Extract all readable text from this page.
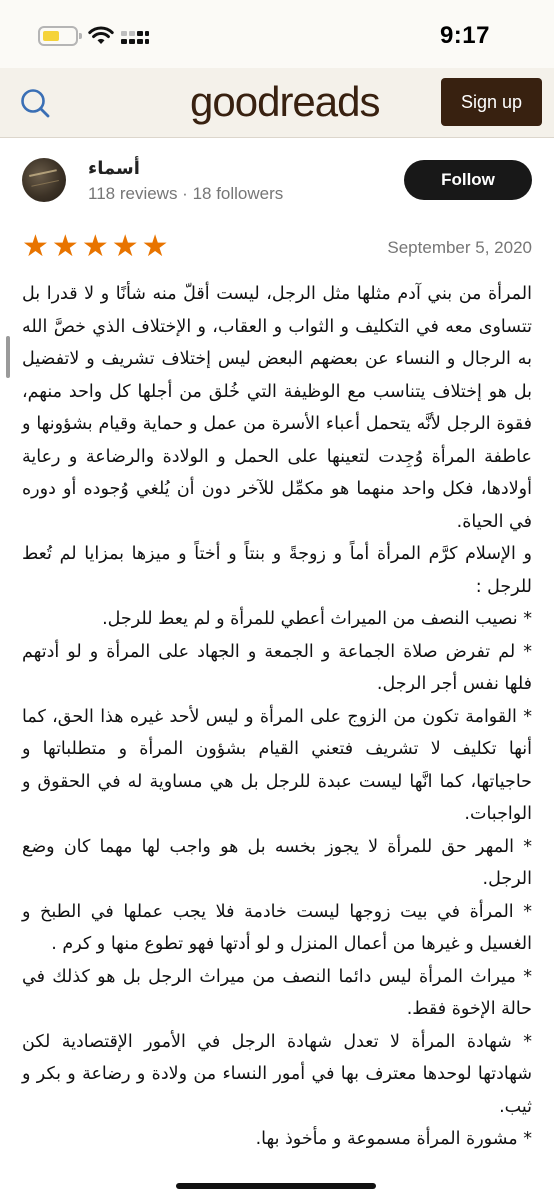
9:17
goodreads	Sign up
أسماء
118 reviews · 18 followers
Follow
★ ★ ★ ★ ★	September 5, 2020

المرأة من بني آدم مثلها مثل الرجل، ليست أقلّ منه شأنًا و لا قدرا بل تتساوى معه في التكليف و الثواب و العقاب، و الإختلاف الذي خصَّ الله به الرجال و النساء عن بعضهم البعض ليس إختلاف تشريف و لاتفضيل بل هو إختلاف يتناسب مع الوظيفة التي خُلق من أجلها كل واحد منهم، فقوة الرجل لأنَّه يتحمل أعباء الأسرة من عمل و حماية وقيام بشؤونها و عاطفة المرأة وُجِدت لتعينها على الحمل و الولادة والرضاعة و رعاية أولادها، فكل واحد منهما هو مكمِّل للآخر دون أن يُلغي وُجوده أو دوره في الحياة.

و الإسلام كرَّم المرأة أماً و زوجةً و بنتاً و أختاً و ميزها بمزايا لم تُعط للرجل :

* نصيب النصف من الميراث أعطي للمرأة و لم يعط للرجل.

* لم تفرض صلاة الجماعة و الجمعة و الجهاد على المرأة و لو أدتهم فلها نفس أجر الرجل.

* القوامة تكون من الزوج على المرأة و ليس لأحد غيره هذا الحق، كما أنها تكليف لا تشريف فتعني القيام بشؤون المرأة و متطلباتها و حاجياتها، كما انَّها ليست عبدة للرجل بل هي مساوية له في الحقوق و الواجبات.

* المهر حق للمرأة لا يجوز بخسه بل هو واجب لها مهما كان وضع الرجل.

* المرأة في بيت زوجها ليست خادمة فلا يجب عملها في الطبخ و الغسيل و غيرها من أعمال المنزل و لو أدتها فهو تطوع منها و كرم .

* ميراث المرأة ليس دائما النصف من ميراث الرجل بل هو كذلك في حالة الإخوة فقط.

* شهادة المرأة لا تعدل شهادة الرجل في الأمور الإقتصادية لكن شهادتها لوحدها معترف بها في أمور النساء من ولادة و رضاعة و بكر و ثيب.

* مشورة المرأة مسموعة و مأخوذ بها.
